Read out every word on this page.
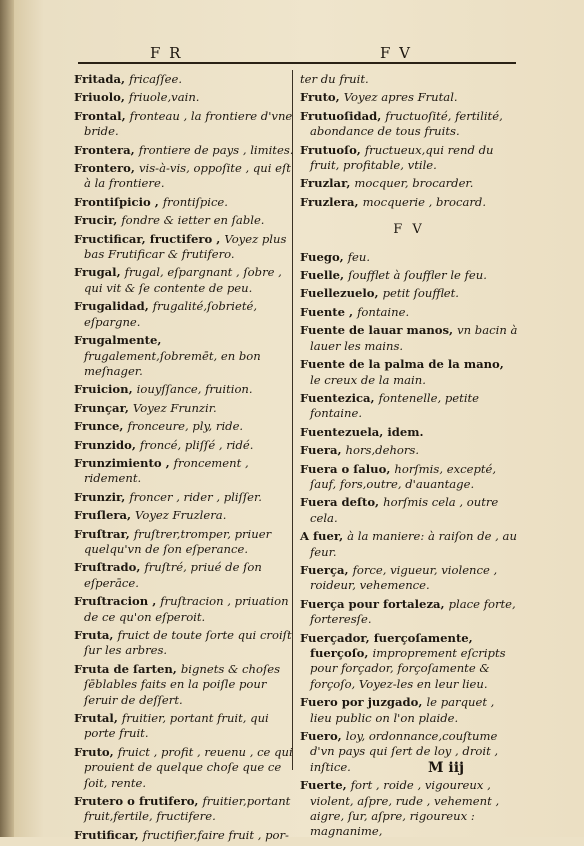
F R	F V
Fritada, fricaſſee.
Friuolo, friuole,vain.
Frontal, fronteau , la frontiere d'vne bride.
Frontera, frontiere de pays , limites.
Frontero, vis-à-vis, oppoſite , qui eſt à la frontiere.
Frontiſpicio , frontiſpice.
Frucir, fondre & ietter en ſable.
Fructificar, fructifero , Voyez plus bas Frutificar & frutifero.
Frugal, frugal, eſpargnant , ſobre , qui vit & ſe contente de peu.
Frugalidad, frugalité,ſobrieté, eſpargne.
Frugalmente, frugalement,ſobremēt, en bon meſnager.
Fruicion, iouyſſance, fruition.
Frunçar, Voyez Frunzir.
Frunce, fronceure, ply, ride.
Frunzido, froncé, pliſſé , ridé.
Frunzimiento , froncement , ridement.
Frunzir, froncer , rider , pliſſer.
Fruſlera, Voyez Fruzlera.
Fruſtrar, fruſtrer,tromper, priuer quelqu'vn de ſon eſperance.
Fruſtrado, fruſtré, priué de ſon eſperāce.
Fruſtracion , fruſtracion , priuation de ce qu'on eſperoit.
Fruta, fruict de toute ſorte qui croiſt ſur les arbres.
Fruta de ſarten, bignets & choſes ſēblables faits en la poiſle pour ſeruir de deſſert.
Frutal, fruitier, portant fruit, qui porte fruit.
Fruto, fruict , profit , reuenu , ce qui prouient de quelque choſe que ce ſoit, rente.
Frutero o frutifero, fruitier,portant fruit,fertile, fructifere.
Frutificar, fructifier,faire fruit , por-
ter du fruit.
Fruto, Voyez apres Frutal.
Frutuoſidad, fructuoſité, fertilité, abondance de tous fruits.
Frutuoſo, fructueux,qui rend du fruit, profitable, vtile.
Fruzlar, mocquer, brocarder.
Fruzlera, mocquerie , brocard.
F V
Fuego, feu.
Fuelle, ſoufflet à ſouffler le feu.
Fuellezuelo, petit ſoufflet.
Fuente , fontaine.
Fuente de lauar manos, vn bacin à lauer les mains.
Fuente de la palma de la mano, le creux de la main.
Fuentezica, fontenelle, petite fontaine.
Fuentezuela, idem.
Fuera, hors,dehors.
Fuera o ſaluo, horſmis, excepté, ſauf, fors,outre, d'auantage.
Fuera deſto, horſmis cela , outre cela.
A fuer, à la maniere: à raiſon de , au feur.
Fuerça, force, vigueur, violence , roideur, vehemence.
Fuerça pour fortaleza, place forte, forteresſe.
Fuerçador, fuerçoſamente, fuerçoſo, improprement eſcripts pour forçador, forçoſamente & forçoſo, Voyez-les en leur lieu.
Fuero por juzgado, le parquet , lieu public on l'on plaide.
Fuero, loy, ordonnance,couſtume d'vn pays qui ſert de loy , droit , inſtice.
Fuerte, fort , roide , vigoureux , violent, aſpre, rude , vehement , aigre, ſur, aſpre, rigoureux : magnanime,
M iij
